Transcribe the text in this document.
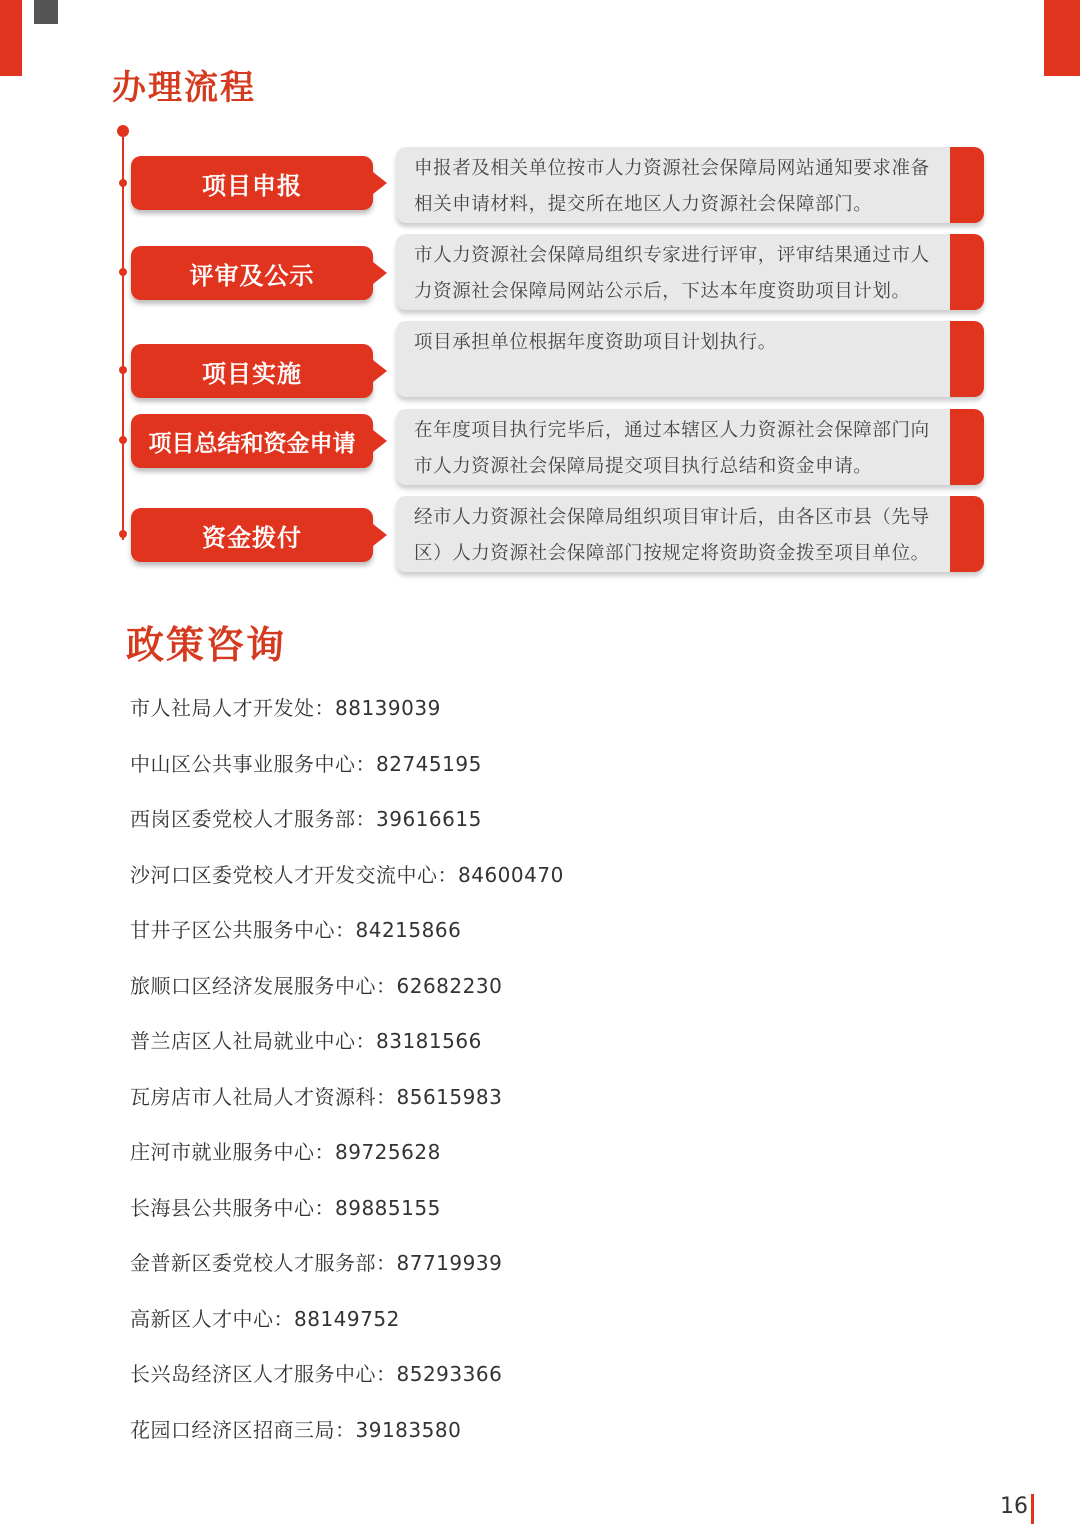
办理流程
项目申报
申报者及相关单位按市人力资源社会保障局网站通知要求准备相关申请材料，提交所在地区人力资源社会保障部门。
评审及公示
市人力资源社会保障局组织专家进行评审，评审结果通过市人力资源社会保障局网站公示后，下达本年度资助项目计划。
项目实施
项目承担单位根据年度资助项目计划执行。
项目总结和资金申请	在年度项目执行完毕后，通过本辖区人力资源社会保障部门向市人力资源社会保障局提交项目执行总结和资金申请。
资金拨付
经市人力资源社会保障局组织项目审计后，由各区市县（先导区）人力资源社会保障部门按规定将资助资金拨至项目单位。
政策咨询
市人社局人才开发处：88139039
中山区公共事业服务中心：82745195
西岗区委党校人才服务部：39616615
沙河口区委党校人才开发交流中心：84600470
甘井子区公共服务中心：84215866
旅顺口区经济发展服务中心：62682230
普兰店区人社局就业中心：83181566
瓦房店市人社局人才资源科：85615983
庄河市就业服务中心：89725628
长海县公共服务中心：89885155
金普新区委党校人才服务部：87719939
高新区人才中心：88149752
长兴岛经济区人才服务中心：85293366
花园口经济区招商三局：39183580
16
